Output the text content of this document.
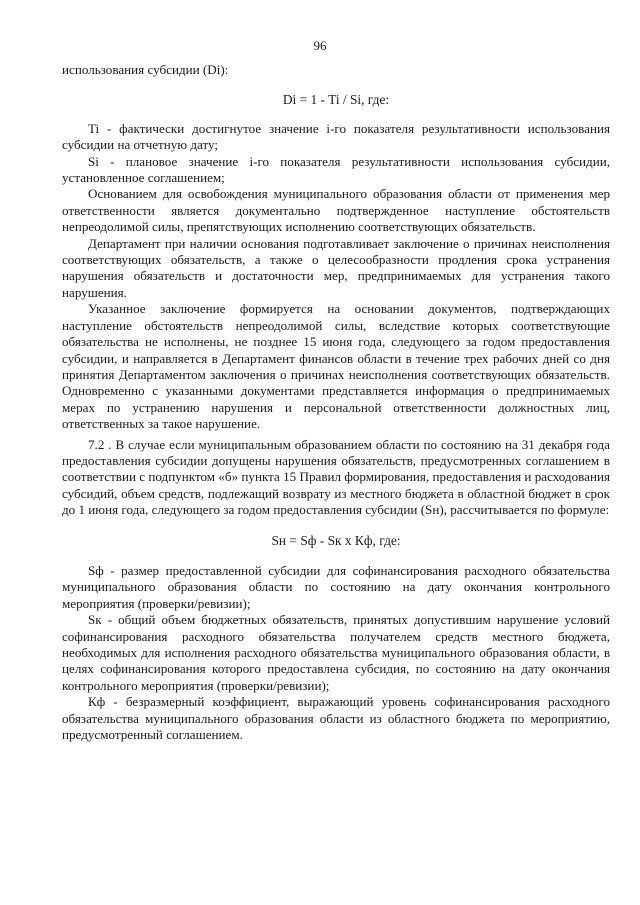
96

использования субсидии (Di):

Di = 1 - Ti / Si, где:

Ti - фактически достигнутое значение i-го показателя результативности использования субсидии на отчетную дату;

Si - плановое значение i-го показателя результативности использования субсидии, установленное соглашением;

Основанием для освобождения муниципального образования области от применения мер ответственности является документально подтвержденное наступление обстоятельств непреодолимой силы, препятствующих исполнению соответствующих обязательств.

Департамент при наличии основания подготавливает заключение о причинах неисполнения соответствующих обязательств, а также о целесообразности продления срока устранения нарушения обязательств и достаточности мер, предпринимаемых для устранения такого нарушения.

Указанное заключение формируется на основании документов, подтверждающих наступление обстоятельств непреодолимой силы, вследствие которых соответствующие обязательства не исполнены, не позднее 15 июня года, следующего за годом предоставления субсидии, и направляется в Департамент финансов области в течение трех рабочих дней со дня принятия Департаментом заключения о причинах неисполнения соответствующих обязательств. Одновременно с указанными документами представляется информация о предпринимаемых мерах по устранению нарушения и персональной ответственности должностных лиц, ответственных за такое нарушение.

7.2 . В случае если муниципальным образованием области по состоянию на 31 декабря года предоставления субсидии допущены нарушения обязательств, предусмотренных соглашением в соответствии с подпунктом «б» пункта 15 Правил формирования, предоставления и расходования субсидий, объем средств, подлежащий возврату из местного бюджета в областной бюджет в срок до 1 июня года, следующего за годом предоставления субсидии (Sн), рассчитывается по формуле:

Sн = Sф - Sк х Кф, где:

Sф - размер предоставленной субсидии для софинансирования расходного обязательства муниципального образования области по состоянию на дату окончания контрольного мероприятия (проверки/ревизии);

Sк - общий объем бюджетных обязательств, принятых допустившим нарушение условий софинансирования расходного обязательства получателем средств местного бюджета, необходимых для исполнения расходного обязательства муниципального образования области, в целях софинансирования которого предоставлена субсидия, по состоянию на дату окончания контрольного мероприятия (проверки/ревизии);

Кф - безразмерный коэффициент, выражающий уровень софинансирования расходного обязательства муниципального образования области из областного бюджета по мероприятию, предусмотренный соглашением.
